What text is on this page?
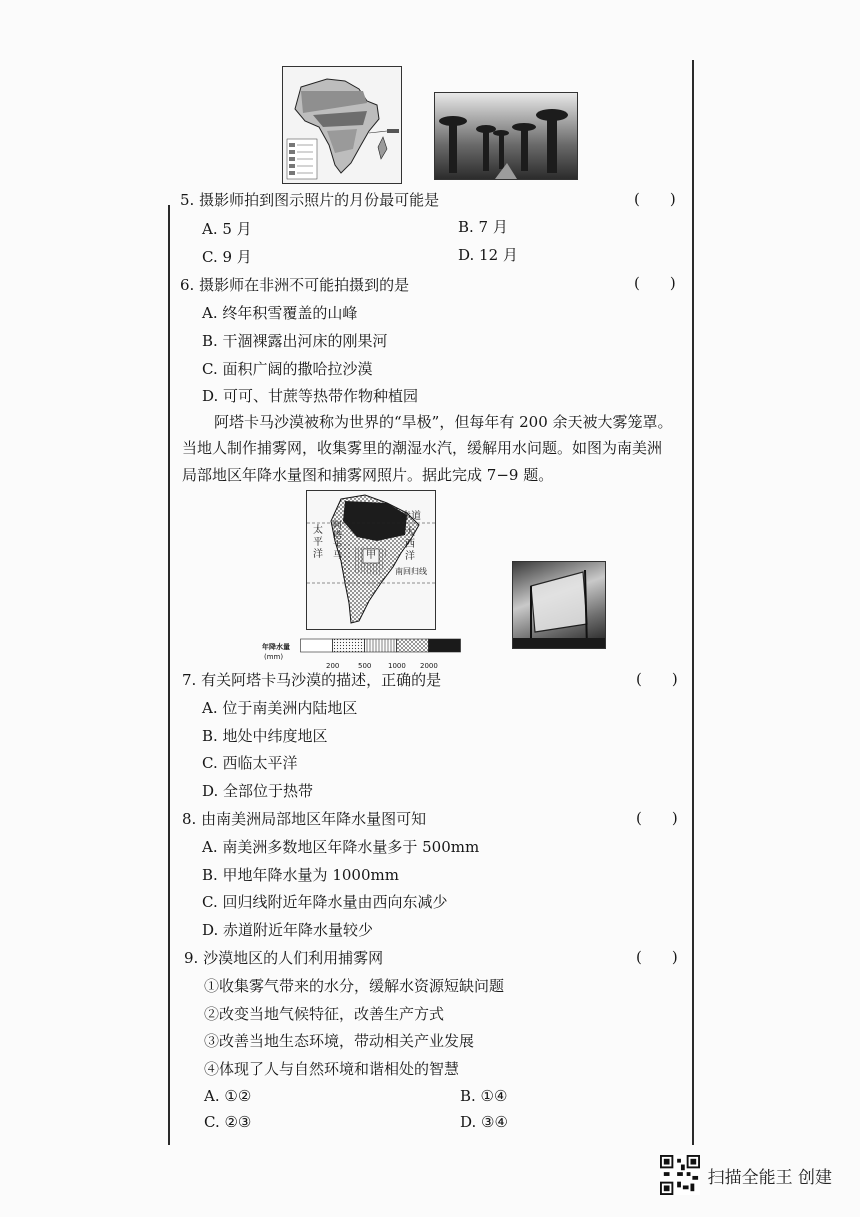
5. 摄影师拍到图示照片的月份最可能是	(　　)
A. 5 月	B. 7 月
C. 9 月	D. 12 月
6. 摄影师在非洲不可能拍摄到的是	(　　)
A. 终年积雪覆盖的山峰
B. 干涸裸露出河床的刚果河
C. 面积广阔的撒哈拉沙漠
D. 可可、甘蔗等热带作物种植园
阿塔卡马沙漠被称为世界的“旱极”，但每年有 200 余天被大雾笼罩。
当地人制作捕雾网，收集雾里的潮湿水汽，缓解用水问题。如图为南美洲
局部地区年降水量图和捕雾网照片。据此完成 7−9 题。
赤道
太
平
洋
大
西
洋
阿
塔
卡
马 甲
南回归线
年降水量
(mm)
200	500 1000 2000
7. 有关阿塔卡马沙漠的描述，正确的是	(　　)
A. 位于南美洲内陆地区
B. 地处中纬度地区
C. 西临太平洋
D. 全部位于热带
8. 由南美洲局部地区年降水量图可知	(　　)
A. 南美洲多数地区年降水量多于 500mm
B. 甲地年降水量为 1000mm
C. 回归线附近年降水量由西向东减少
D. 赤道附近年降水量较少
9. 沙漠地区的人们利用捕雾网	(　　)
①收集雾气带来的水分，缓解水资源短缺问题
②改变当地气候特征，改善生产方式
③改善当地生态环境，带动相关产业发展
④体现了人与自然环境和谐相处的智慧
A. ①②	B. ①④
C. ②③	D. ③④
扫描全能王 创建
